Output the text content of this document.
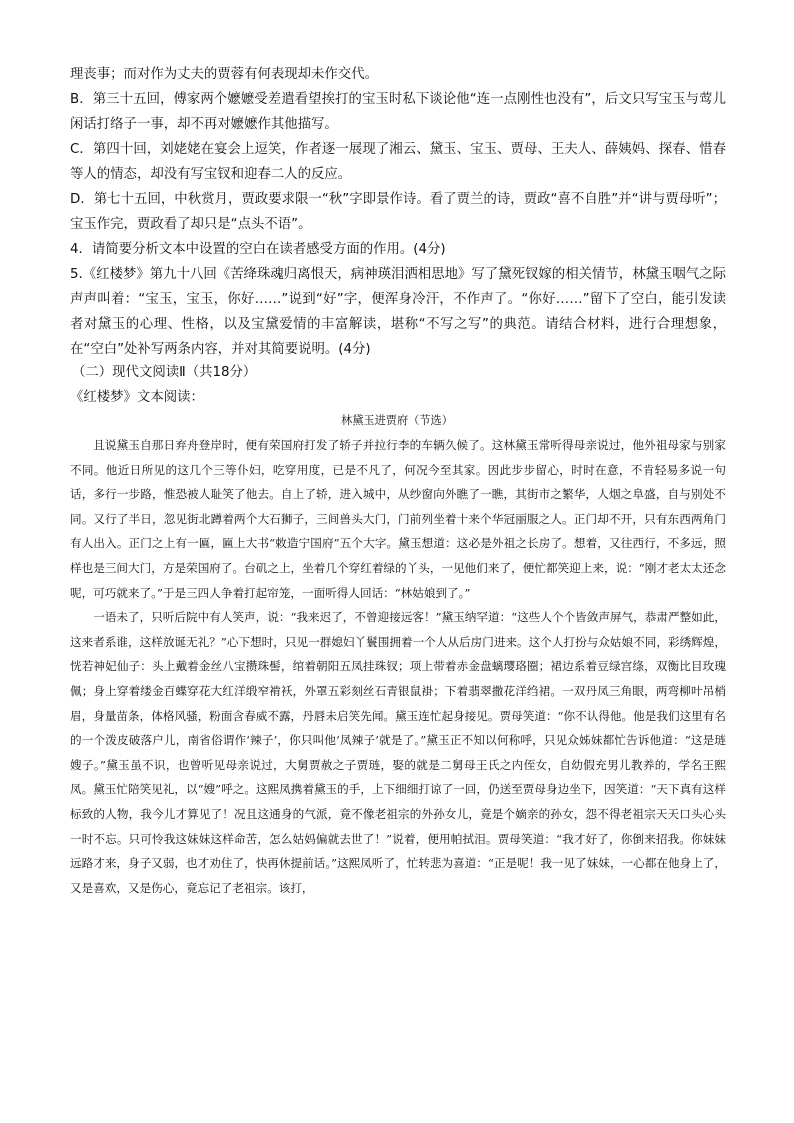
理丧事；而对作为丈夫的贾蓉有何表现却未作交代。

B．第三十五回，傅家两个嬷嬷受差遣看望挨打的宝玉时私下谈论他“连一点刚性也没有”，后文只写宝玉与莺儿闲话打络子一事，却不再对嬷嬷作其他描写。

C．第四十回，刘姥姥在宴会上逗笑，作者逐一展现了湘云、黛玉、宝玉、贾母、王夫人、薛姨妈、探春、惜春等人的情态，却没有写宝钗和迎春二人的反应。

D．第七十五回，中秋赏月，贾政要求限一“秋”字即景作诗。看了贾兰的诗，贾政“喜不自胜”并“讲与贾母听”；宝玉作完，贾政看了却只是“点头不语”。

4．请简要分析文本中设置的空白在读者感受方面的作用。(4分)

5.《红楼梦》第九十八回《苦绛珠魂归离恨天，病神瑛泪洒相思地》写了黛死钗嫁的相关情节，林黛玉咽气之际声声叫着：“宝玉，宝玉，你好……”说到“好”字，便浑身冷汗，不作声了。“你好……”留下了空白，能引发读者对黛玉的心理、性格，以及宝黛爱情的丰富解读，堪称“不写之写”的典范。请结合材料，进行合理想象，在“空白”处补写两条内容，并对其简要说明。(4分)

（二）现代文阅读Ⅱ（共18分）
《红楼梦》文本阅读：
林黛玉进贾府（节选）

且说黛玉自那日弃舟登岸时，便有荣国府打发了轿子并拉行李的车辆久候了。这林黛玉常听得母亲说过，他外祖母家与别家不同。他近日所见的这几个三等仆妇，吃穿用度，已是不凡了，何况今至其家。因此步步留心，时时在意，不肯轻易多说一句话，多行一步路，惟恐被人耻笑了他去。自上了轿，进入城中，从纱窗向外瞧了一瞧，其街市之繁华，人烟之阜盛，自与别处不同。又行了半日，忽见街北蹲着两个大石狮子，三间兽头大门，门前列坐着十来个华冠丽服之人。正门却不开，只有东西两角门有人出入。正门之上有一匾，匾上大书“敕造宁国府”五个大字。黛玉想道：这必是外祖之长房了。想着，又往西行，不多远，照样也是三间大门，方是荣国府了。台矶之上，坐着几个穿红着绿的丫头，一见他们来了，便忙都笑迎上来，说：“刚才老太太还念呢，可巧就来了。”于是三四人争着打起帘笼，一面听得人回话：“林姑娘到了。”

一语未了，只听后院中有人笑声，说：“我来迟了，不曾迎接远客！”黛玉纳罕道：“这些人个个皆敛声屏气，恭肃严整如此，这来者系谁，这样放诞无礼？”心下想时，只见一群媳妇丫鬟围拥着一个人从后房门进来。这个人打扮与众姑娘不同，彩绣辉煌，恍若神妃仙子：头上戴着金丝八宝攒珠髻，绾着朝阳五凤挂珠钗；项上带着赤金盘螭璎珞圈；裙边系着豆绿宫绦，双衡比目玫瑰佩；身上穿着缕金百蝶穿花大红洋缎窄褃袄，外罩五彩刻丝石青银鼠褂；下着翡翠撒花洋绉裙。一双丹凤三角眼，两弯柳叶吊梢眉，身量苗条，体格风骚，粉面含春威不露，丹唇未启笑先闻。黛玉连忙起身接见。贾母笑道：“你不认得他。他是我们这里有名的一个泼皮破落户儿，南省俗谓作‘辣子’，你只叫他‘凤辣子’就是了。”黛玉正不知以何称呼，只见众姊妹都忙告诉他道：“这是琏嫂子。”黛玉虽不识，也曾听见母亲说过，大舅贾赦之子贾琏，娶的就是二舅母王氏之内侄女，自幼假充男儿教养的，学名王熙凤。黛玉忙陪笑见礼，以“嫂”呼之。这熙凤携着黛玉的手，上下细细打谅了一回，仍送至贾母身边坐下，因笑道：“天下真有这样标致的人物，我今儿才算见了！况且这通身的气派，竟不像老祖宗的外孙女儿，竟是个嫡亲的孙女，怨不得老祖宗天天口头心头一时不忘。只可怜我这妹妹这样命苦，怎么姑妈偏就去世了！”说着，便用帕拭泪。贾母笑道：“我才好了，你倒来招我。你妹妹远路才来，身子又弱，也才劝住了，快再休提前话。”这熙凤听了，忙转悲为喜道：“正是呢！我一见了妹妹，一心都在他身上了，又是喜欢，又是伤心，竟忘记了老祖宗。该打，
